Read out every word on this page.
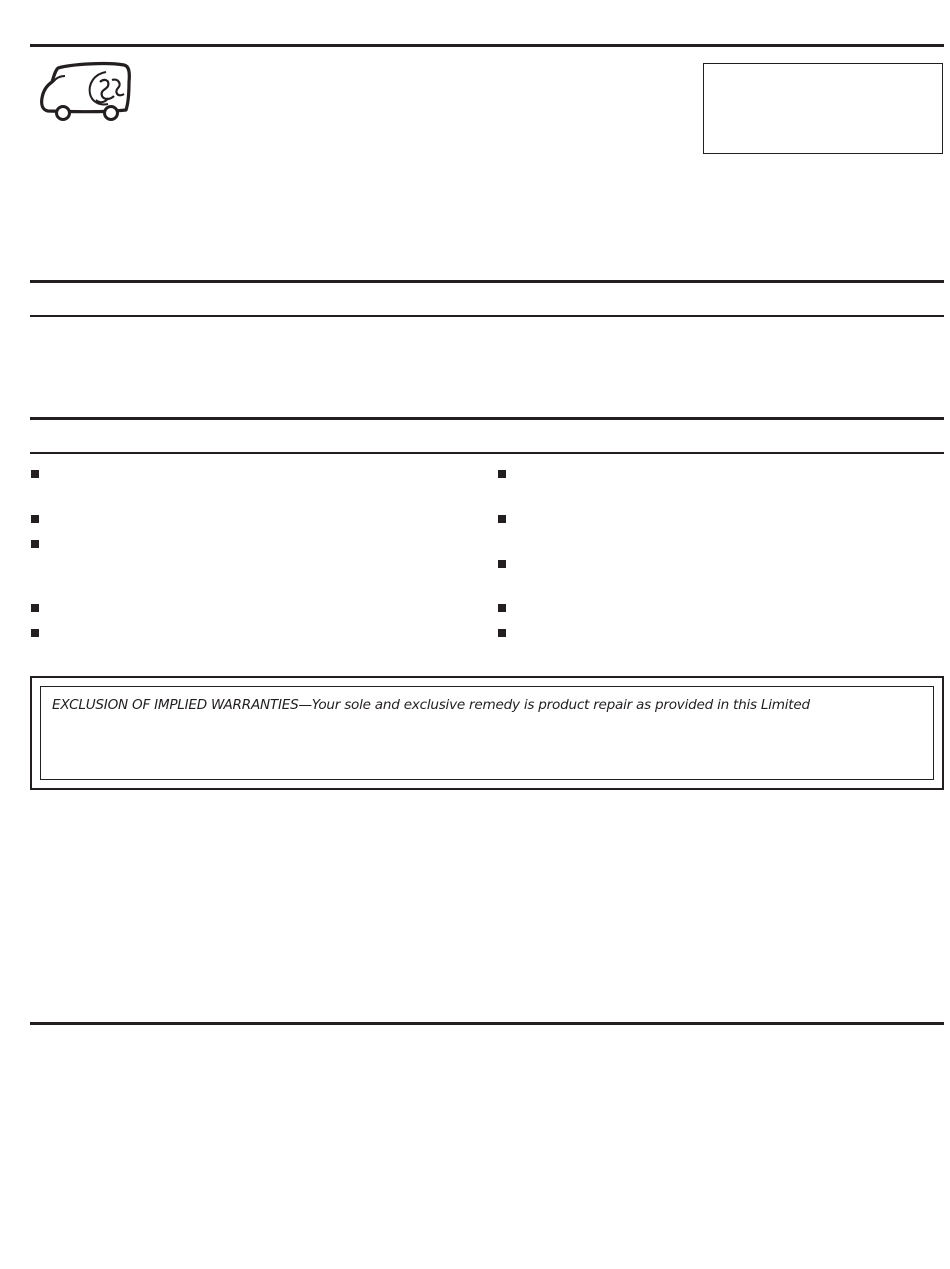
EXCLUSION OF IMPLIED WARRANTIES—Your sole and exclusive remedy is product repair as provided in this Limited
